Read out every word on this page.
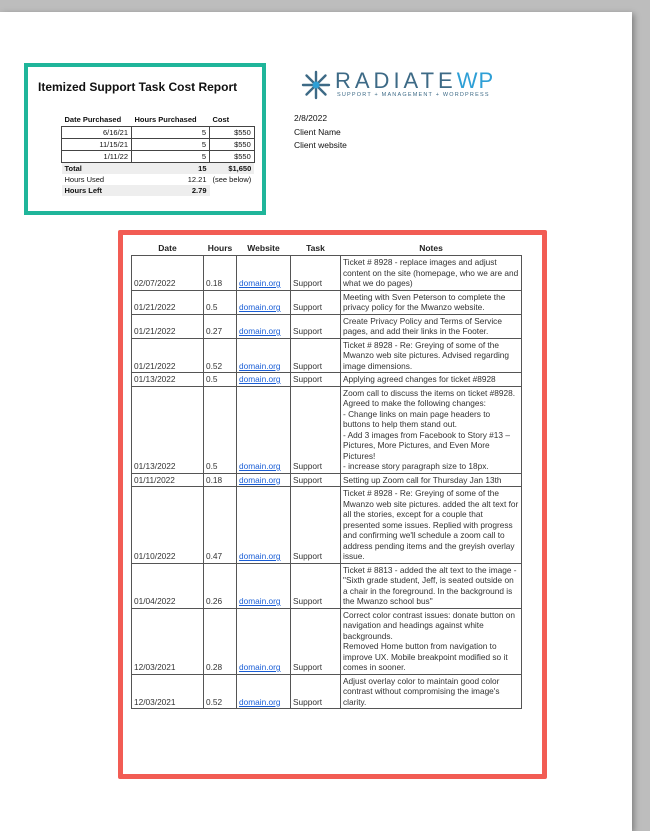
Itemized Support Task Cost Report
Date Purchased	Hours Purchased	Cost
6/16/21	5	$550
11/15/21	5	$550
1/11/22	5	$550
Total	15	$1,650
Hours Used	12.21	(see below)
Hours Left	2.79	
RADIATEWP
SUPPORT + MANAGEMENT + WORDPRESS
2/8/2022
Client Name
Client website
Date	Hours	Website	Task	Notes
02/07/2022	0.18	domain.org	Support	Ticket # 8928 - replace images and adjust content on the site (homepage, who we are and what we do pages)
01/21/2022	0.5	domain.org	Support	Meeting with Sven Peterson to complete the privacy policy for the Mwanzo website.
01/21/2022	0.27	domain.org	Support	Create Privacy Policy and Terms of Service pages, and add their links in the Footer.
01/21/2022	0.52	domain.org	Support	Ticket # 8928 - Re: Greying of some of the Mwanzo web site pictures. Advised regarding image dimensions.
01/13/2022	0.5	domain.org	Support	Applying agreed changes for ticket #8928
01/13/2022	0.5	domain.org	Support	Zoom call to discuss the items on ticket #8928. Agreed to make the following changes:
- Change links on main page headers to buttons to help them stand out.
- Add 3 images from Facebook to Story #13 – Pictures, More Pictures, and Even More Pictures!
- increase story paragraph size to 18px.
01/11/2022	0.18	domain.org	Support	Setting up Zoom call for Thursday Jan 13th
01/10/2022	0.47	domain.org	Support	Ticket # 8928 - Re: Greying of some of the Mwanzo web site pictures. added the alt text for all the stories, except for a couple that presented some issues. Replied with progress and confirming we'll schedule a zoom call to address pending items and the greyish overlay issue.
01/04/2022	0.26	domain.org	Support	Ticket # 8813 - added the alt text to the image - "Sixth grade student, Jeff, is seated outside on a chair in the foreground. In the background is the Mwanzo school bus"
12/03/2021	0.28	domain.org	Support	Correct color contrast issues: donate button on navigation and headings against white backgrounds.
Removed Home button from navigation to improve UX. Mobile breakpoint modified so it comes in sooner.
12/03/2021	0.52	domain.org	Support	Adjust overlay color to maintain good color contrast without compromising the image's clarity.
